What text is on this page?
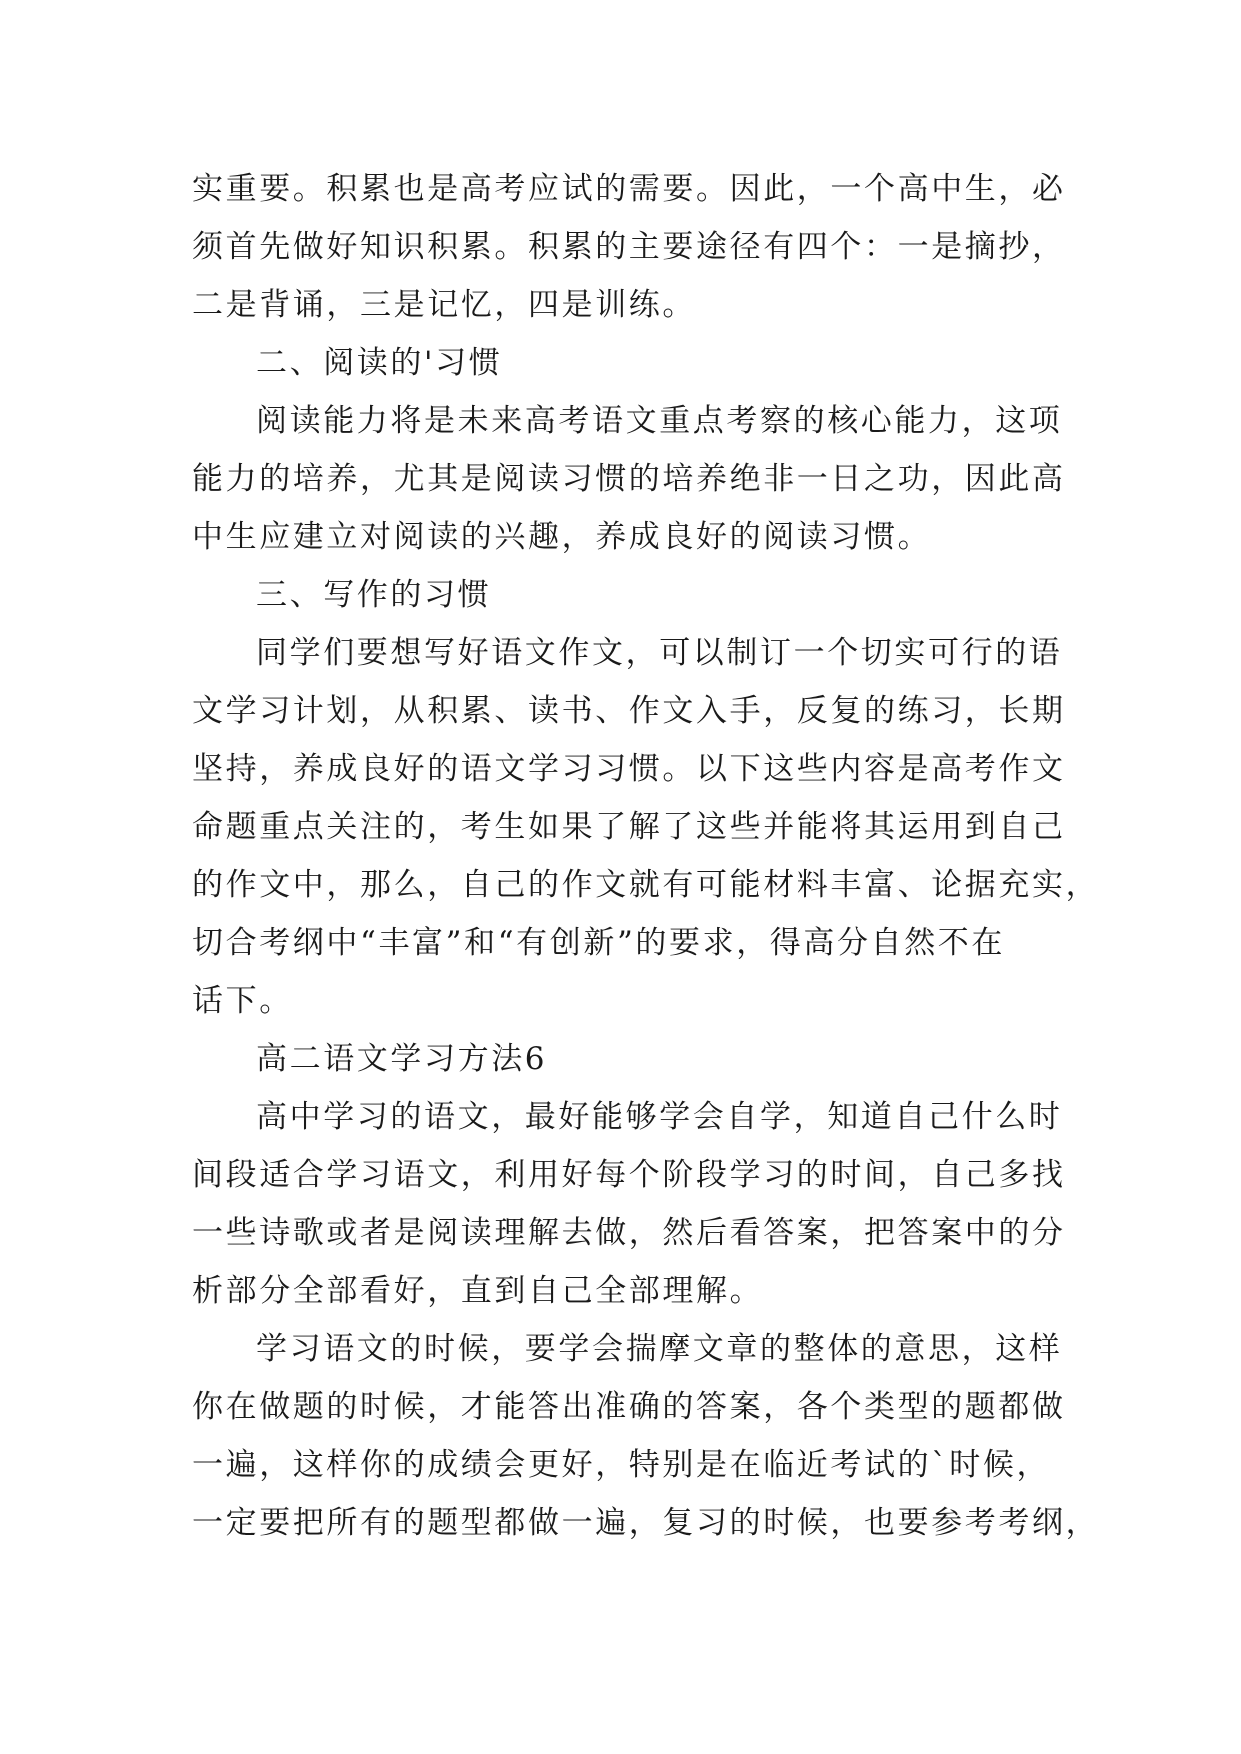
实重要。积累也是高考应试的需要。因此，一个高中生，必
须首先做好知识积累。积累的主要途径有四个：一是摘抄，
二是背诵，三是记忆，四是训练。
二、阅读的'习惯
阅读能力将是未来高考语文重点考察的核心能力，这项
能力的培养，尤其是阅读习惯的培养绝非一日之功，因此高
中生应建立对阅读的兴趣，养成良好的阅读习惯。
三、写作的习惯
同学们要想写好语文作文，可以制订一个切实可行的语
文学习计划，从积累、读书、作文入手，反复的练习，长期
坚持，养成良好的语文学习习惯。以下这些内容是高考作文
命题重点关注的，考生如果了解了这些并能将其运用到自己
的作文中，那么，自己的作文就有可能材料丰富、论据充实，
切合考纲中“丰富”和“有创新”的要求，得高分自然不在
话下。
高二语文学习方法6
高中学习的语文，最好能够学会自学，知道自己什么时
间段适合学习语文，利用好每个阶段学习的时间，自己多找
一些诗歌或者是阅读理解去做，然后看答案，把答案中的分
析部分全部看好，直到自己全部理解。
学习语文的时候，要学会揣摩文章的整体的意思，这样
你在做题的时候，才能答出准确的答案，各个类型的题都做
一遍，这样你的成绩会更好，特别是在临近考试的`时候，
一定要把所有的题型都做一遍，复习的时候，也要参考考纲，
